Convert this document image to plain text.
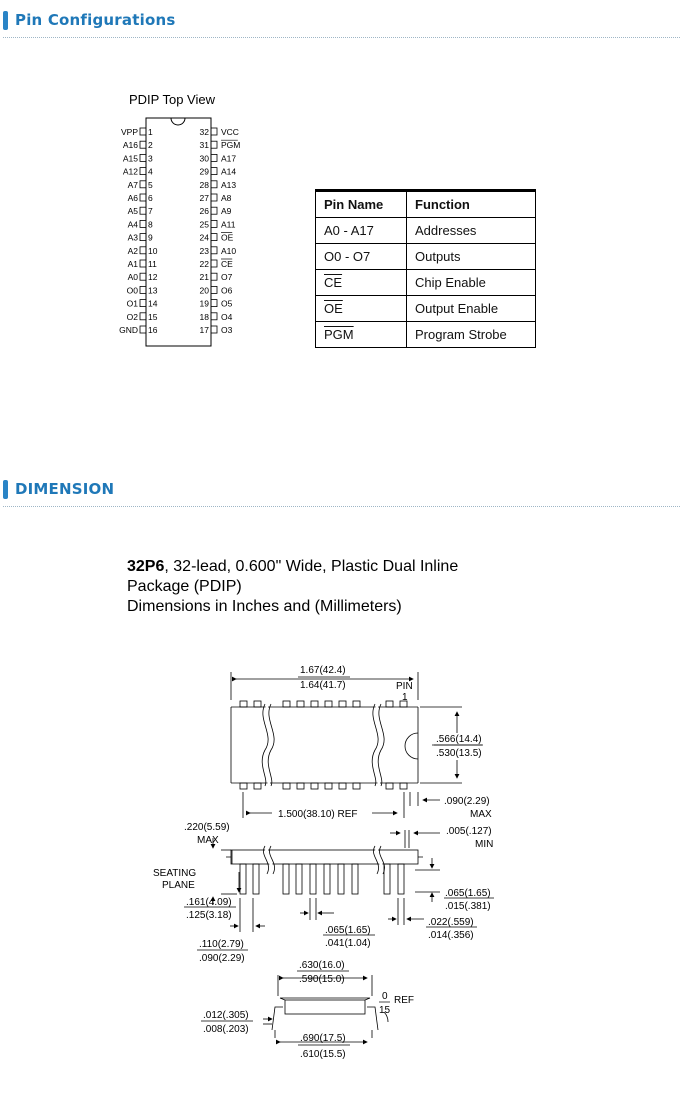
Pin Configurations
PDIP Top View
VPP 1
A16 2
A15 3
A12 4
A7 5
A6 6
A5 7
A4 8
A3 9
A2 10
A1 11
A0 12
O0 13
O1 14
O2 15
GND 16
32 VCC
31 PGM
30 A17
29 A14
28 A13
27 A8
26 A9
25 A11
24 OE
23 A10
22 CE
21 O7
20 O6
19 O5
18 O4
17 O3
Pin Name	Function
A0 - A17	Addresses
O0 - O7	Outputs
$\overline{CE}$	Chip Enable
$\overline{OE}$	Output Enable
$\overline{PGM}$	Program Strobe
DIMENSION
32P6, 32-lead, 0.600" Wide, Plastic Dual Inline
Package (PDIP)
Dimensions in Inches and (Millimeters)
1.67(42.4)
1.64(41.7)	PIN
1
.566(14.4)
.530(13.5)
1.500(38.10) REF
.090(2.29)
MAX
.220(5.59)
MAX
.005(.127)
MIN
SEATING
PLANE
.065(1.65)
.015(.381)
.161(4.09)
.125(3.18)
.022(.559)
.014(.356)
.065(1.65)
.041(1.04)
.110(2.79)
.090(2.29)
.630(16.0)
.590(15.0)
0
15
REF
.012(.305)
.008(.203)
.690(17.5)
.610(15.5)
